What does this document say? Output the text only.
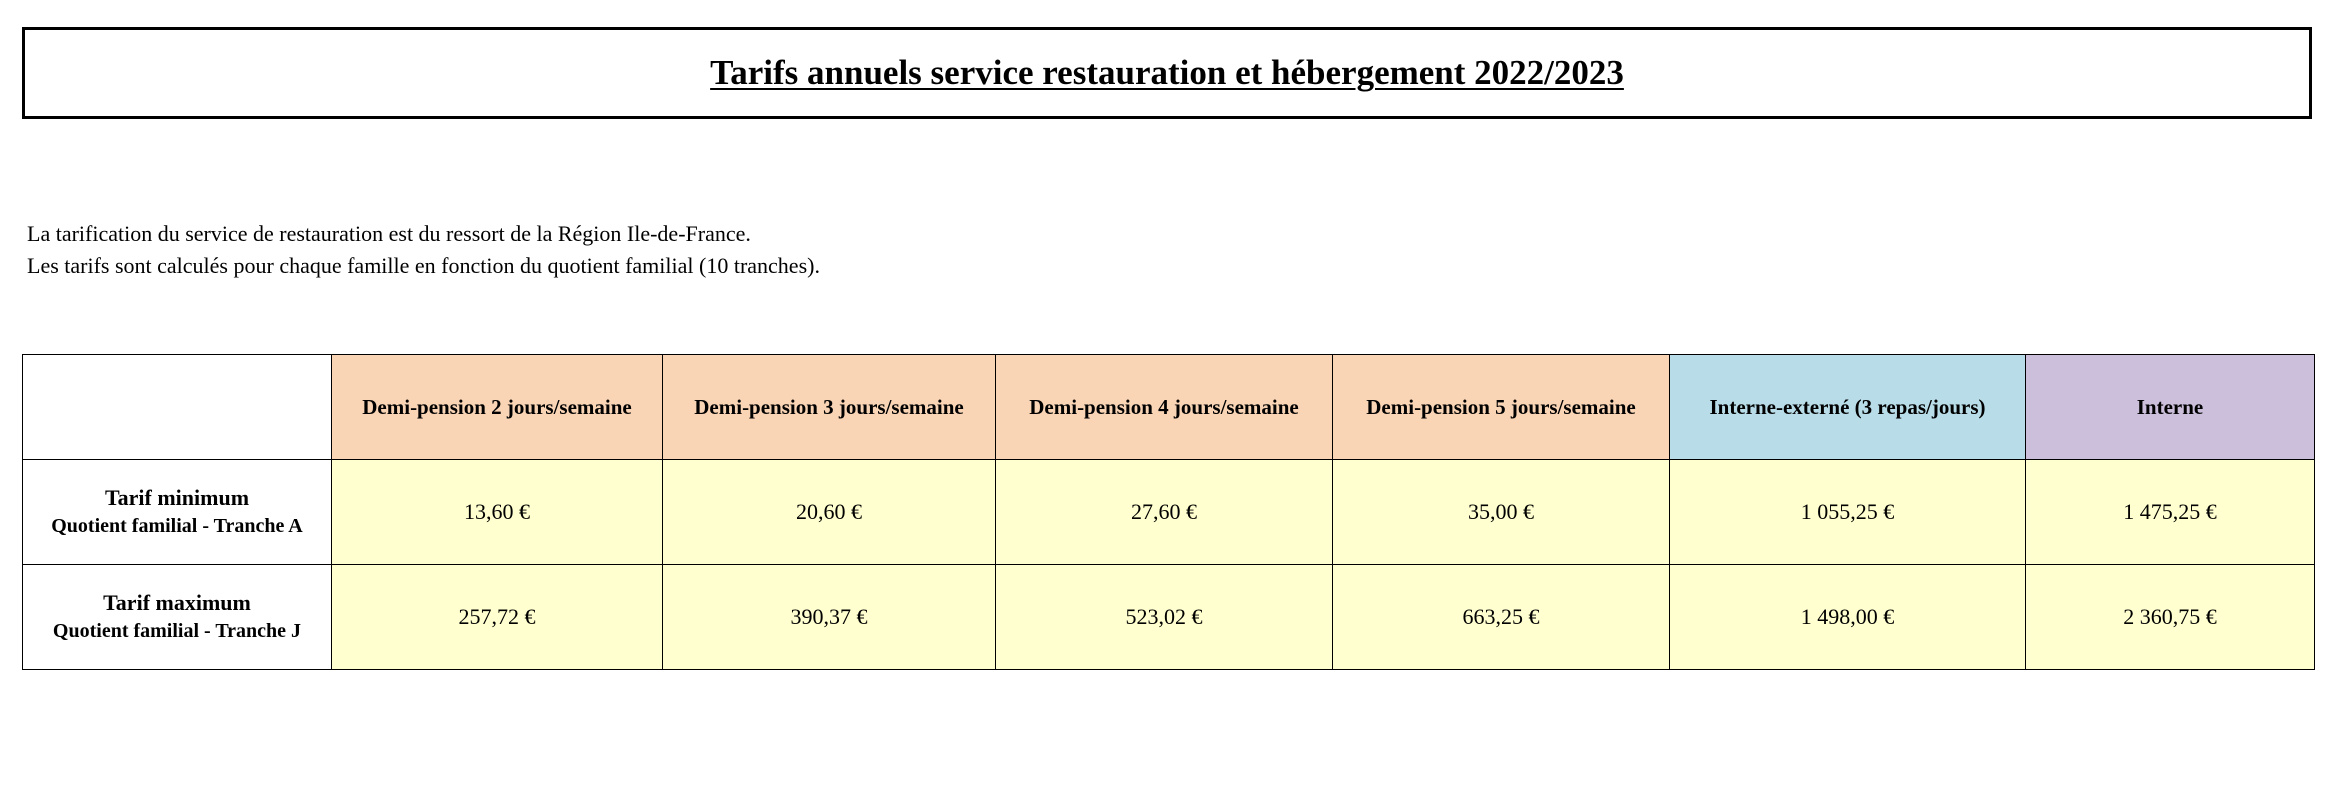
Tarifs annuels service restauration et hébergement 2022/2023

La tarification du service de restauration est du ressort de la Région Ile-de-France.

Les tarifs sont calculés pour chaque famille en fonction du quotient familial (10 tranches).

	Demi-pension 2 jours/semaine	Demi-pension 3 jours/semaine	Demi-pension 4 jours/semaine	Demi-pension 5 jours/semaine	Interne-externé (3 repas/jours)	Interne

Tarif minimum
Quotient familial - Tranche A	13,60 €	20,60 €	27,60 €	35,00 €	1 055,25 €	1 475,25 €

Tarif maximum
Quotient familial - Tranche J	257,72 €	390,37 €	523,02 €	663,25 €	1 498,00 €	2 360,75 €
